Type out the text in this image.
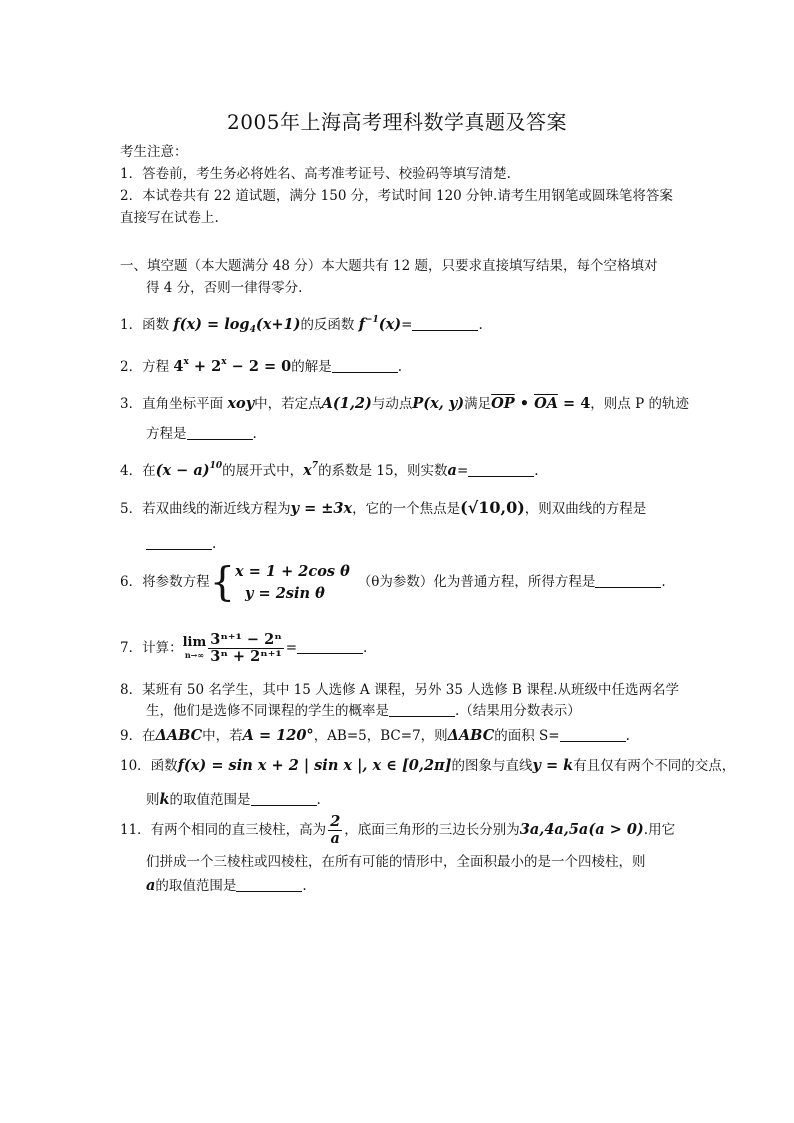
2005年上海高考理科数学真题及答案
考生注意：
1．答卷前，考生务必将姓名、高考准考证号、校验码等填写清楚.
2．本试卷共有 22 道试题，满分 150 分，考试时间 120 分钟.请考生用钢笔或圆珠笔将答案
直接写在试卷上.
一、填空题（本大题满分 48 分）本大题共有 12 题，只要求直接填写结果，每个空格填对
得 4 分，否则一律得零分.
1．函数 $f(x) = \log_4(x+1)$的反函数 $f^{-1}(x)=$	.
2．方程 $4^x + 2^x - 2 = 0$的解是	.
3．直角坐标平面 xoy中，若定点A(1,2)与动点P(x, y)满足$\overline{OP}$ • $\overline{OA} = 4$，则点 P 的轨迹
方程是	.
4．在$(x - a)^{10}$的展开式中，$x^7$的系数是 15，则实数a=	.
5．若双曲线的渐近线方程为y = ±3x，它的一个焦点是(√10,0)，则双曲线的方程是
.
6．将参数方程{ x = 1 + 2cos θ
y = 2sin θ
（θ为参数）化为普通方程，所得方程是	.
7．计算： lim
$n\to\infty \frac{\text{3ⁿ⁺¹ − 2ⁿ}}{\text{3ⁿ + 2ⁿ⁺¹}}$ =	.
8．某班有 50 名学生，其中 15 人选修 A 课程，另外 35 人选修 B 课程.从班级中任选两名学
生，他们是选修不同课程的学生的概率是	.（结果用分数表示）
9．在ΔABC中，若A = 120°，AB=5，BC=7，则ΔABC的面积 S=	.
10．函数f(x) = sin x + 2 | sin x |, x ∈ [0,2π]的图象与直线y = k有且仅有两个不同的交点，
则k的取值范围是	.
11．有两个相同的直三棱柱，高为 $\frac{2}{a}$ ，底面三角形的三边长分别为3a,4a,5a(a > 0).用它
们拼成一个三棱柱或四棱柱，在所有可能的情形中，全面积最小的是一个四棱柱，则
a的取值范围是	.
